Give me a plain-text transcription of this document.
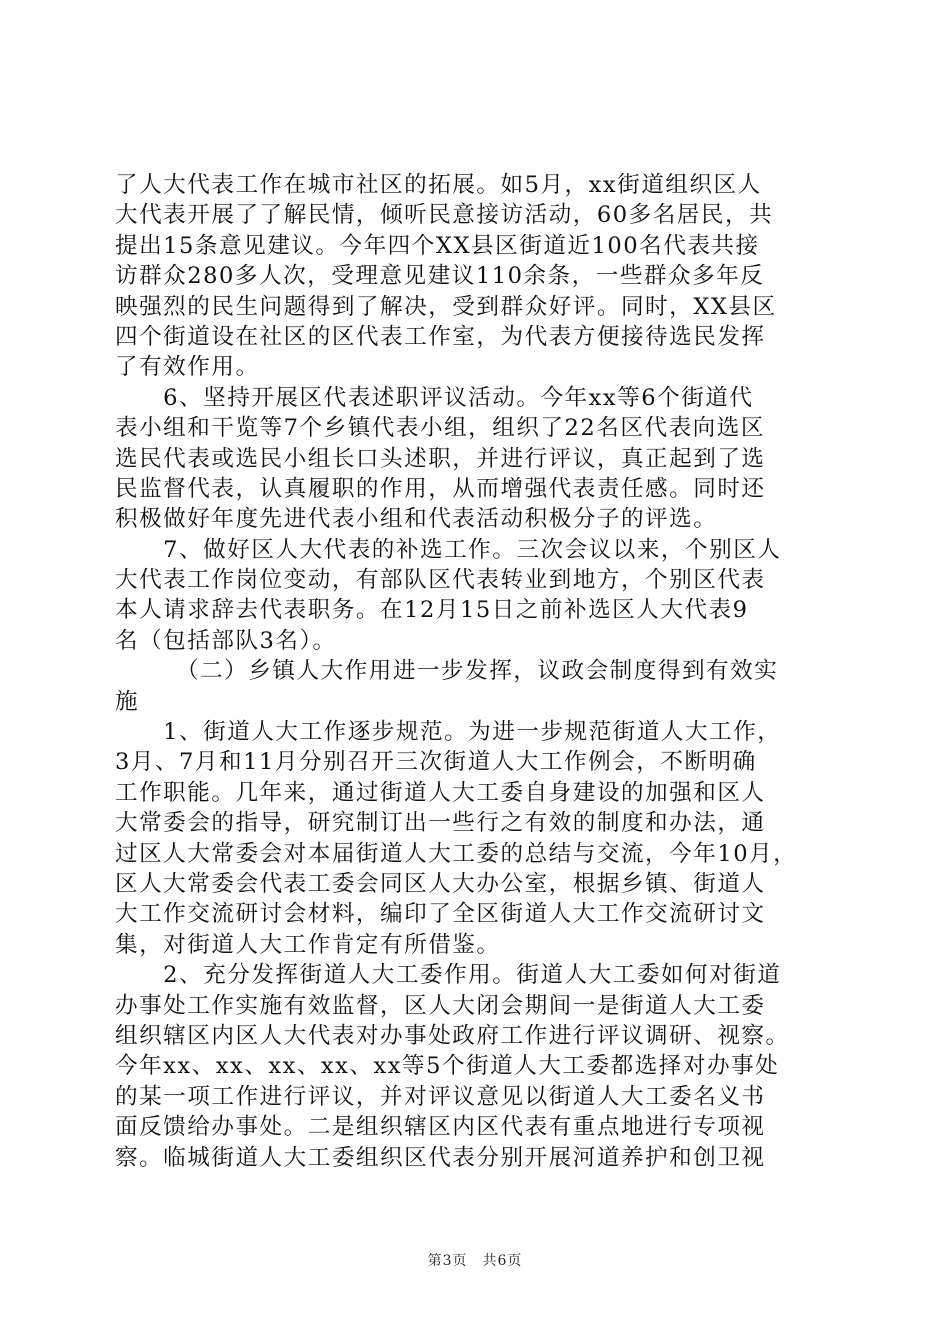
了人大代表工作在城市社区的拓展。如5月，xx街道组织区人
大代表开展了了解民情，倾听民意接访活动，60多名居民，共
提出15条意见建议。今年四个XX县区街道近100名代表共接
访群众280多人次，受理意见建议110余条，一些群众多年反
映强烈的民生问题得到了解决，受到群众好评。同时，XX县区
四个街道设在社区的区代表工作室，为代表方便接待选民发挥
了有效作用。
　　6、坚持开展区代表述职评议活动。今年xx等6个街道代
表小组和干览等7个乡镇代表小组，组织了22名区代表向选区
选民代表或选民小组长口头述职，并进行评议，真正起到了选
民监督代表，认真履职的作用，从而增强代表责任感。同时还
积极做好年度先进代表小组和代表活动积极分子的评选。
　　7、做好区人大代表的补选工作。三次会议以来，个别区人
大代表工作岗位变动，有部队区代表转业到地方，个别区代表
本人请求辞去代表职务。在12月15日之前补选区人大代表9
名（包括部队3名）。
　　　（二）乡镇人大作用进一步发挥，议政会制度得到有效实
施
　　1、街道人大工作逐步规范。为进一步规范街道人大工作，
3月、7月和11月分别召开三次街道人大工作例会，不断明确
工作职能。几年来，通过街道人大工委自身建设的加强和区人
大常委会的指导，研究制订出一些行之有效的制度和办法，通
过区人大常委会对本届街道人大工委的总结与交流，今年10月，
区人大常委会代表工委会同区人大办公室，根据乡镇、街道人
大工作交流研讨会材料，编印了全区街道人大工作交流研讨文
集，对街道人大工作肯定有所借鉴。
　　2、充分发挥街道人大工委作用。街道人大工委如何对街道
办事处工作实施有效监督，区人大闭会期间一是街道人大工委
组织辖区内区人大代表对办事处政府工作进行评议调研、视察。
今年xx、xx、xx、xx、xx等5个街道人大工委都选择对办事处
的某一项工作进行评议，并对评议意见以街道人大工委名义书
面反馈给办事处。二是组织辖区内区代表有重点地进行专项视
察。临城街道人大工委组织区代表分别开展河道养护和创卫视
第3页　共6页
